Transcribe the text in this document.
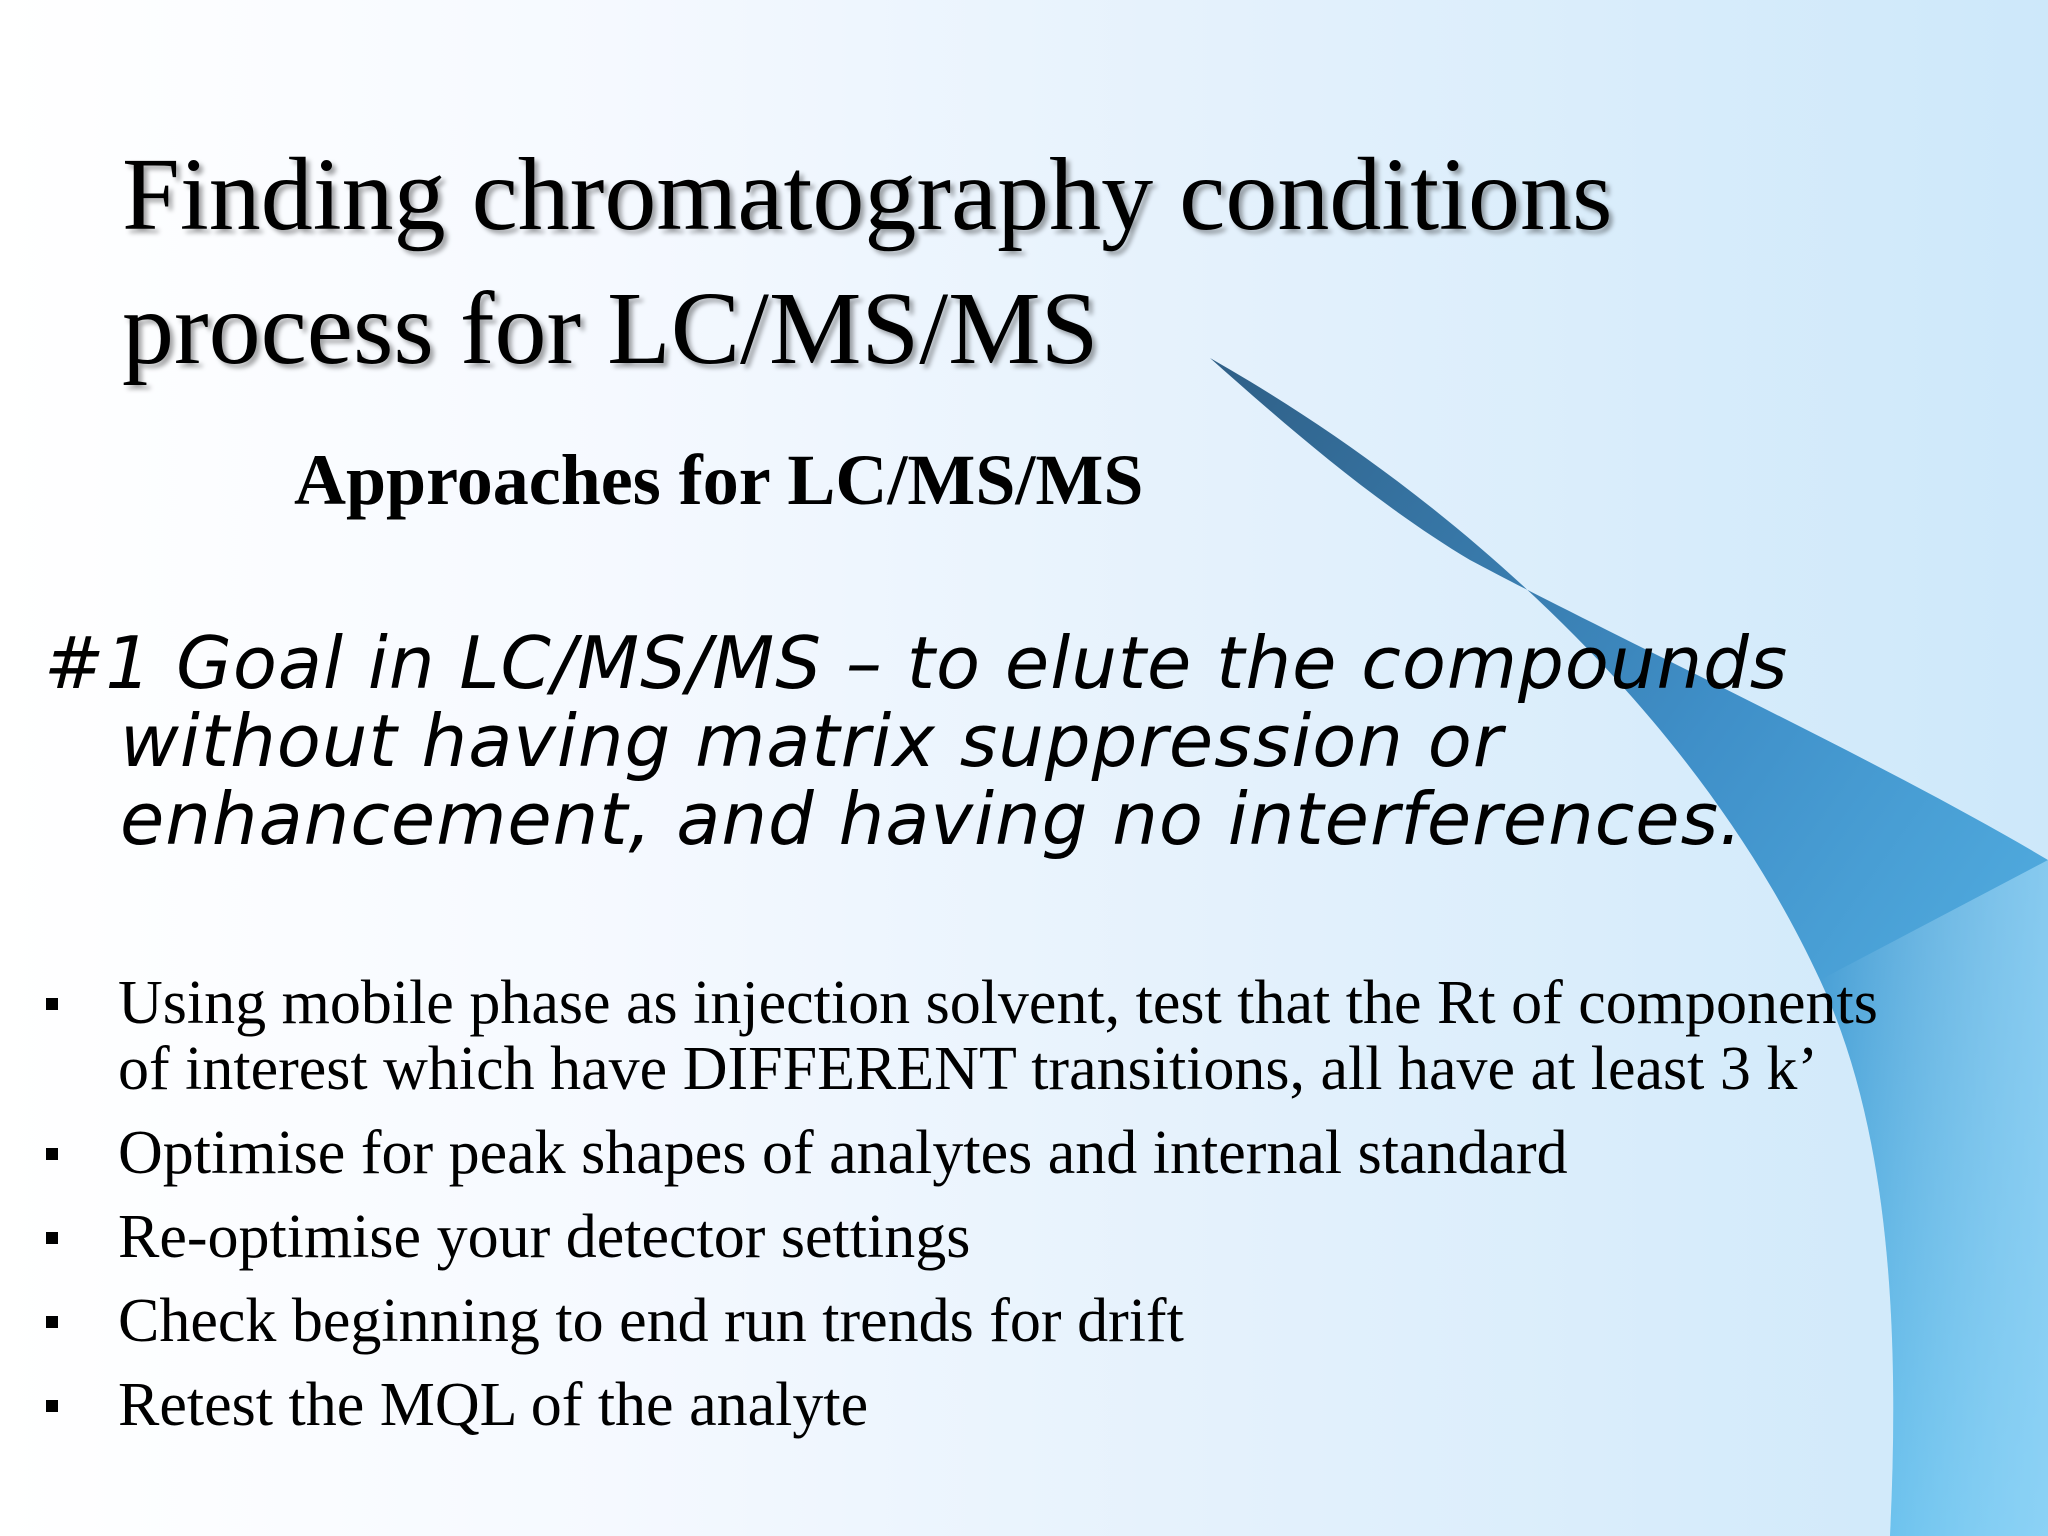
Finding chromatography conditions process for LC/MS/MS
Approaches for LC/MS/MS
#1 Goal in LC/MS/MS – to elute the compounds without having matrix suppression or enhancement, and having no interferences.
Using mobile phase as injection solvent, test that the Rt of components of interest which have DIFFERENT transitions, all have at least 3 k’
Optimise for peak shapes of analytes and internal standard
Re-optimise your detector settings
Check beginning to end run trends for drift
Retest the MQL of the analyte
